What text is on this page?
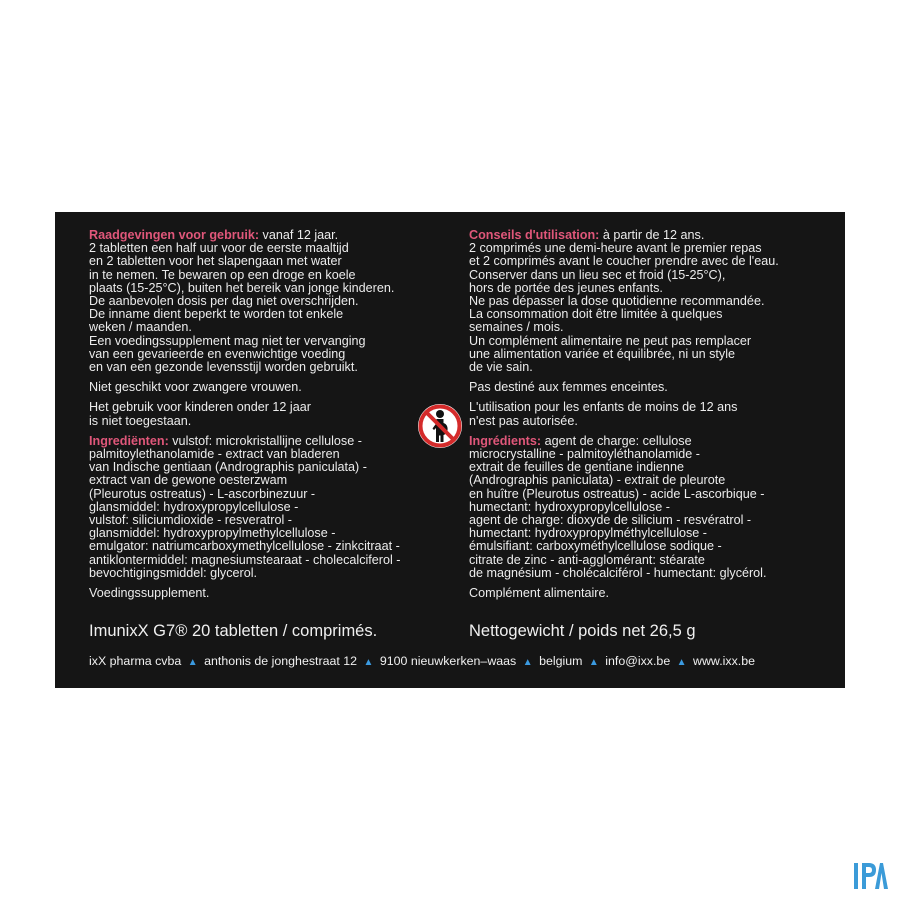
Raadgevingen voor gebruik: vanaf 12 jaar.
2 tabletten een half uur voor de eerste maaltijd
en 2 tabletten voor het slapengaan met water
in te nemen. Te bewaren op een droge en koele
plaats (15-25°C), buiten het bereik van jonge kinderen.
De aanbevolen dosis per dag niet overschrijden.
De inname dient beperkt te worden tot enkele
weken / maanden.
Een voedingssupplement mag niet ter vervanging
van een gevarieerde en evenwichtige voeding
en van een gezonde levensstijl worden gebruikt.
Niet geschikt voor zwangere vrouwen.
Het gebruik voor kinderen onder 12 jaar
is niet toegestaan.
Ingrediënten: vulstof: microkristallijne cellulose -
palmitoylethanolamide - extract van bladeren
van Indische gentiaan (Andrographis paniculata) -
extract van de gewone oesterzwam
(Pleurotus ostreatus) - L-ascorbinezuur -
glansmiddel: hydroxypropylcellulose -
vulstof: siliciumdioxide - resveratrol -
glansmiddel: hydroxypropylmethylcellulose -
emulgator: natriumcarboxymethylcellulose - zinkcitraat -
antiklontermiddel: magnesiumstearaat - cholecalciferol -
bevochtigingsmiddel: glycerol.
Voedingssupplement.
Conseils d'utilisation: à partir de 12 ans.
2 comprimés une demi-heure avant le premier repas
et 2 comprimés avant le coucher prendre avec de l'eau.
Conserver dans un lieu sec et froid (15-25°C),
hors de portée des jeunes enfants.
Ne pas dépasser la dose quotidienne recommandée.
La consommation doit être limitée à quelques
semaines / mois.
Un complément alimentaire ne peut pas remplacer
une alimentation variée et équilibrée, ni un style
de vie sain.
Pas destiné aux femmes enceintes.
L'utilisation pour les enfants de moins de 12 ans
n'est pas autorisée.
Ingrédients: agent de charge: cellulose
microcrystalline - palmitoyléthanolamide -
extrait de feuilles de gentiane indienne
(Andrographis paniculata) - extrait de pleurote
en huître (Pleurotus ostreatus) - acide L-ascorbique -
humectant: hydroxypropylcellulose -
agent de charge: dioxyde de silicium - resvératrol -
humectant: hydroxypropylméthylcellulose -
émulsifiant: carboxyméthylcellulose sodique -
citrate de zinc - anti-agglomérant: stéarate
de magnésium - cholécalciférol - humectant: glycérol.
Complément alimentaire.
ImunixX G7® 20 tabletten / comprimés.	Nettogewicht / poids net 26,5 g
ixX pharma cvba ▲ anthonis de jonghestraat 12 ▲ 9100 nieuwkerken–waas ▲ belgium ▲ info@ixx.be ▲ www.ixx.be
